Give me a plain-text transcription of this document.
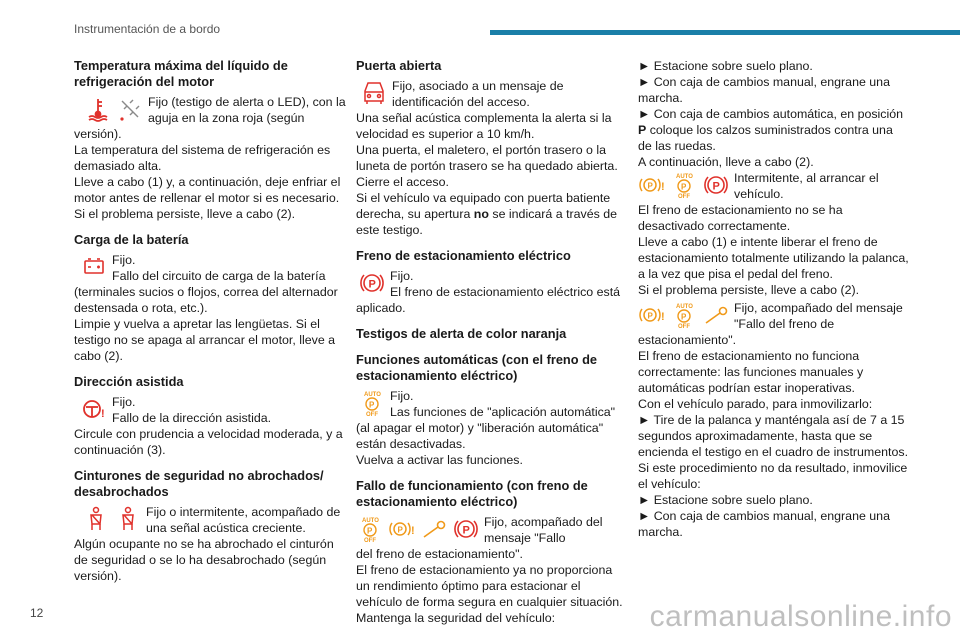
Instrumentación de a bordo
Temperatura máxima del líquido de refrigeración del motor
Fijo (testigo de alerta o LED), con la aguja en la zona roja (según

versión).

La temperatura del sistema de refrigeración es demasiado alta.

Lleve a cabo (1) y, a continuación, deje enfriar el motor antes de rellenar el motor si es necesario.

Si el problema persiste, lleve a cabo (2).

Carga de la batería
Fijo.
Fallo del circuito de carga de la batería

(terminales sucios o flojos, correa del alternador destensada o rota, etc.).

Limpie y vuelva a apretar las lengüetas. Si el testigo no se apaga al arrancar el motor, lleve a cabo (2).

Dirección asistida
!
Fijo.
Fallo de la dirección asistida.

Circule con prudencia a velocidad moderada, y a continuación (3).

Cinturones de seguridad no abrochados/ desabrochados
Fijo o intermitente, acompañado de una señal acústica creciente.

Algún ocupante no se ha abrochado el cinturón de seguridad o se lo ha desabrochado (según versión).

Puerta abierta
Fijo, asociado a un mensaje de identificación del acceso.

Una señal acústica complementa la alerta si la velocidad es superior a 10 km/h.

Una puerta, el maletero, el portón trasero o la luneta de portón trasero se ha quedado abierta.

Cierre el acceso.

Si el vehículo va equipado con puerta batiente derecha, su apertura no se indicará a través de este testigo.

Freno de estacionamiento eléctrico
P
Fijo.
El freno de estacionamiento eléctrico está

aplicado.

Testigos de alerta de color naranja
Funciones automáticas (con el freno de estacionamiento eléctrico)
AUTO
OFF
P
Fijo.
Las funciones de "aplicación automática"

(al apagar el motor) y "liberación automática" están desactivadas.

Vuelva a activar las funciones.

Fallo de funcionamiento (con freno de estacionamiento eléctrico)
AUTO
OFF
P	P !	P
Fijo, acompañado del mensaje "Fallo

del freno de estacionamiento".

El freno de estacionamiento ya no proporciona un rendimiento óptimo para estacionar el vehículo de forma segura en cualquier situación.

Mantenga la seguridad del vehículo:

► Estacione sobre suelo plano.

► Con caja de cambios manual, engrane una marcha.

► Con caja de cambios automática, en posición P coloque los calzos suministrados contra una de las ruedas.

A continuación, lleve a cabo (2).

P !
AUTO
OFF
P P
Intermitente, al arrancar el vehículo.

El freno de estacionamiento no se ha desactivado correctamente.

Lleve a cabo (1) e intente liberar el freno de estacionamiento totalmente utilizando la palanca, a la vez que pisa el pedal del freno.

Si el problema persiste, lleve a cabo (2).

P !
AUTO
OFF
P
Fijo, acompañado del mensaje "Fallo del freno de

estacionamiento".

El freno de estacionamiento no funciona correctamente: las funciones manuales y automáticas podrían estar inoperativas.

Con el vehículo parado, para inmovilizarlo:

► Tire de la palanca y manténgala así de 7 a 15 segundos aproximadamente, hasta que se encienda el testigo en el cuadro de instrumentos.

Si este procedimiento no da resultado, inmovilice el vehículo:

► Estacione sobre suelo plano.

► Con caja de cambios manual, engrane una marcha.

12	carmanualsonline.info
